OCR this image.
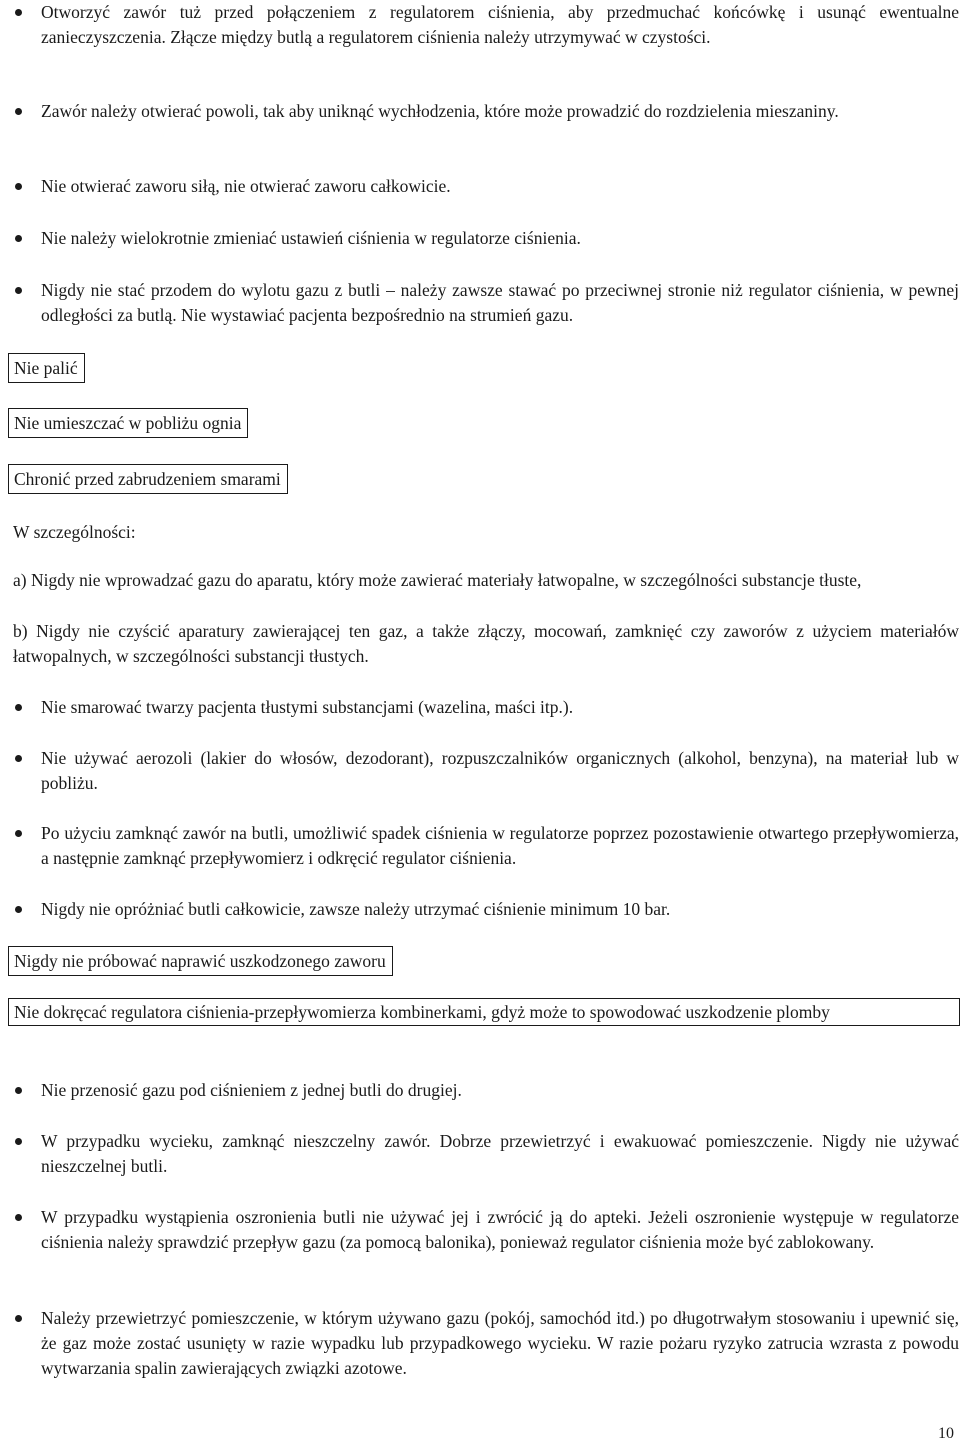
Otworzyć zawór tuż przed połączeniem z regulatorem ciśnienia, aby przedmuchać końcówkę i usunąć ewentualne zanieczyszczenia. Złącze między butlą a regulatorem ciśnienia należy utrzymywać w czystości.
Zawór należy otwierać powoli, tak aby uniknąć wychłodzenia, które może prowadzić do rozdzielenia mieszaniny.
Nie otwierać zaworu siłą, nie otwierać zaworu całkowicie.
Nie należy wielokrotnie zmieniać ustawień ciśnienia w regulatorze ciśnienia.
Nigdy nie stać przodem do wylotu gazu z butli – należy zawsze stawać po przeciwnej stronie niż regulator ciśnienia, w pewnej odległości za butlą. Nie wystawiać pacjenta bezpośrednio na strumień gazu.
Nie palić
Nie umieszczać w pobliżu ognia
Chronić przed zabrudzeniem smarami
W szczególności:
a) Nigdy nie wprowadzać gazu do aparatu, który może zawierać materiały łatwopalne, w szczególności substancje tłuste,
b) Nigdy nie czyścić aparatury zawierającej ten gaz, a także złączy, mocowań, zamknięć czy zaworów z użyciem materiałów łatwopalnych, w szczególności substancji tłustych.
Nie smarować twarzy pacjenta tłustymi substancjami (wazelina, maści itp.).
Nie używać aerozoli (lakier do włosów, dezodorant), rozpuszczalników organicznych (alkohol, benzyna), na materiał lub w pobliżu.
Po użyciu zamknąć zawór na butli, umożliwić spadek ciśnienia w regulatorze poprzez pozostawienie otwartego przepływomierza, a następnie zamknąć przepływomierz i odkręcić regulator ciśnienia.
Nigdy nie opróżniać butli całkowicie, zawsze należy utrzymać ciśnienie minimum 10 bar.
Nigdy nie próbować naprawić uszkodzonego zaworu
Nie dokręcać regulatora ciśnienia-przepływomierza kombinerkami, gdyż może to spowodować uszkodzenie plomby
Nie przenosić gazu pod ciśnieniem z jednej butli do drugiej.
W przypadku wycieku, zamknąć nieszczelny zawór. Dobrze przewietrzyć i ewakuować pomieszczenie. Nigdy nie używać nieszczelnej butli.
W przypadku wystąpienia oszronienia butli nie używać jej i zwrócić ją do apteki. Jeżeli oszronienie występuje w regulatorze ciśnienia należy sprawdzić przepływ gazu (za pomocą balonika), ponieważ regulator ciśnienia może być zablokowany.
Należy przewietrzyć pomieszczenie, w którym używano gazu (pokój, samochód itd.) po długotrwałym stosowaniu i upewnić się, że gaz może zostać usunięty w razie wypadku lub przypadkowego wycieku. W razie pożaru ryzyko zatrucia wzrasta z powodu wytwarzania spalin zawierających związki azotowe.
10
